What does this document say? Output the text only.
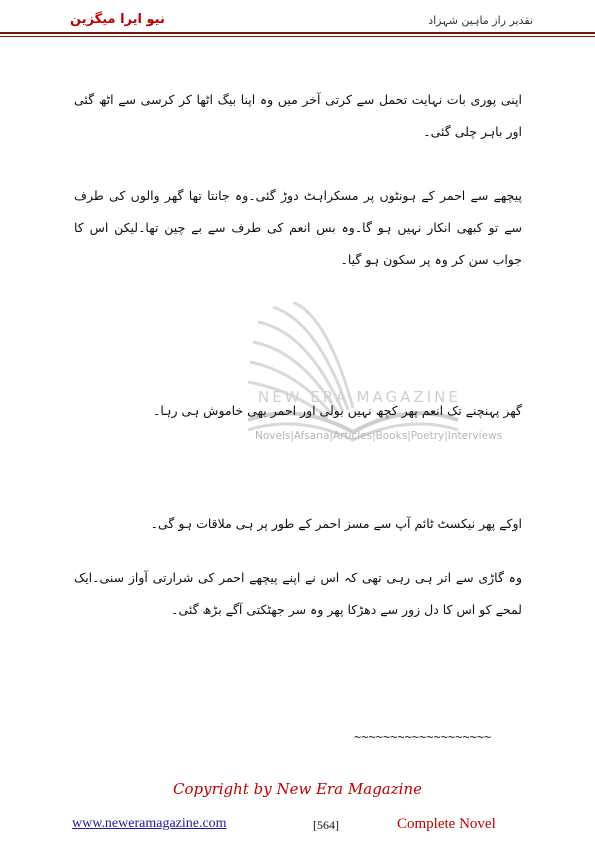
نیو ایرا میگزین	نقدیر راز ماہین شہزاد
NEW ERA MAGAZINE
Novels|Afsana|Articles|Books|Poetry|Interviews
اپنی پوری بات نہایت تحمل سے کرتی آخر میں وہ اپنا بیگ اٹھا کر کرسی سے اٹھ گئی اور باہر چلی گئی۔
پیچھے سے احمر کے ہونٹوں پر مسکراہٹ دوڑ گئی۔وہ جانتا تھا گھر والوں کی طرف سے تو کبھی انکار نہیں ہو گا۔وہ بس انعم کی طرف سے بے چین تھا۔لیکن اس کا جواب سن کر وہ پر سکون ہو گیا۔
گھر پہنچنے تک انعم پھر کچھ نہیں بولی اور احمر بھی خاموش ہی رہا۔
اوکے پھر نیکسٹ ٹائم آپ سے مسز احمر کے طور پر ہی ملاقات ہو گی۔
وہ گاڑی سے اتر ہی رہی تھی کہ اس نے اپنے پیچھے احمر کی شرارتی آواز سنی۔ایک لمحے کو اس کا دل زور سے دھڑکا پھر وہ سر جھٹکتی آگے بڑھ گئی۔
~~~~~~~~~~~~~~~~~~~
Copyright by New Era Magazine
www.neweramagazine.com	[564]	Complete Novel
